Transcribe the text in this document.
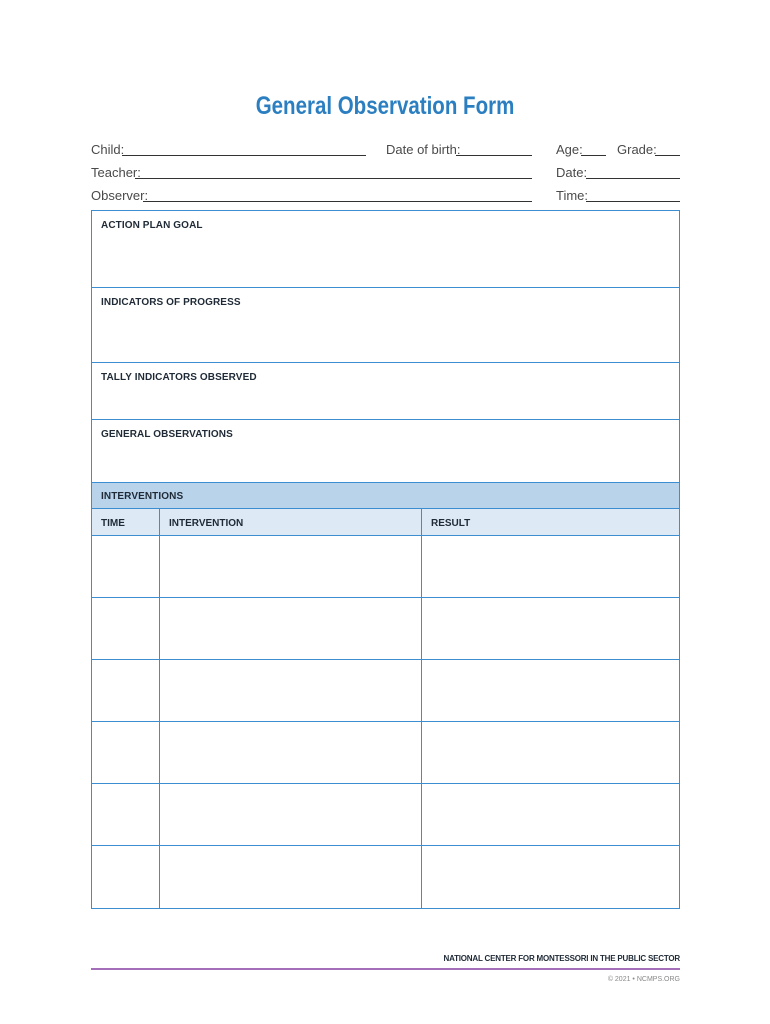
General Observation Form
Child:	Date of birth:	Age:	Grade:
Teacher:	Date:
Observer:	Time:
ACTION PLAN GOAL
INDICATORS OF PROGRESS
TALLY INDICATORS OBSERVED
GENERAL OBSERVATIONS
INTERVENTIONS
TIME	INTERVENTION	RESULT
NATIONAL CENTER FOR MONTESSORI IN THE PUBLIC SECTOR
© 2021 • NCMPS.ORG
